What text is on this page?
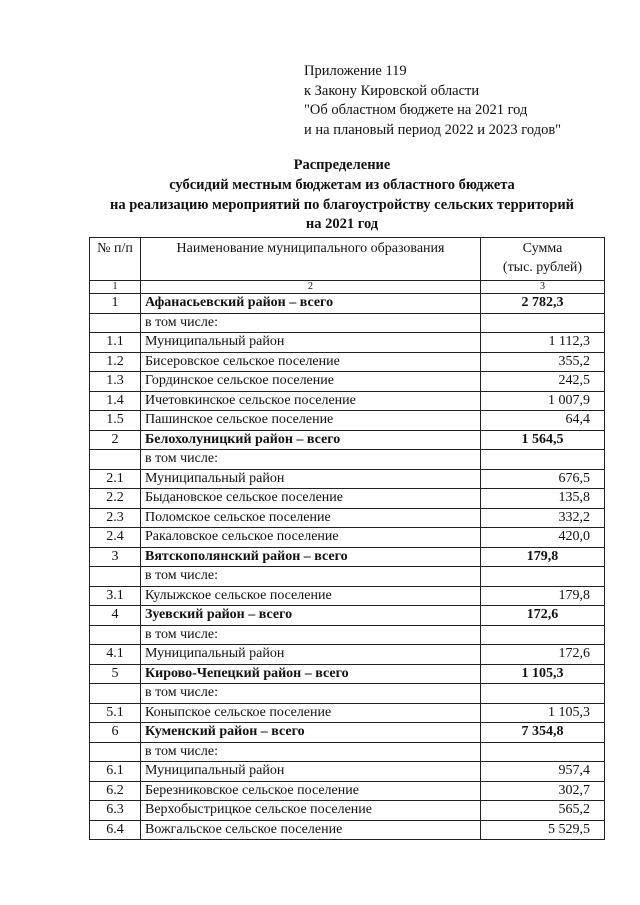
Приложение 119
к Закону Кировской области
"Об областном бюджете на 2021 год
и на плановый период 2022 и 2023 годов"
Распределение
субсидий местным бюджетам из областного бюджета
на реализацию мероприятий по благоустройству сельских территорий
на 2021 год
№ п/п	Наименование муниципального образования	Сумма
(тыс. рублей)

1	2	3
1	Афанасьевский район – всего	2 782,3
	в том числе:	
1.1	Муниципальный район	1 112,3
1.2	Бисеровское сельское поселение	355,2
1.3	Гординское сельское поселение	242,5
1.4	Ичетовкинское сельское поселение	1 007,9
1.5	Пашинское сельское поселение	64,4
2	Белохолуницкий район – всего	1 564,5
	в том числе:	
2.1	Муниципальный район	676,5
2.2	Быдановское сельское поселение	135,8
2.3	Поломское сельское поселение	332,2
2.4	Ракаловское сельское поселение	420,0
3	Вятскополянский район – всего	179,8
	в том числе:	
3.1	Кулыжское сельское поселение	179,8
4	Зуевский район – всего	172,6
	в том числе:	
4.1	Муниципальный район	172,6
5	Кирово-Чепецкий район – всего	1 105,3
	в том числе:	
5.1	Коныпское сельское поселение	1 105,3
6	Куменский район – всего	7 354,8
	в том числе:	
6.1	Муниципальный район	957,4
6.2	Березниковское сельское поселение	302,7
6.3	Верхобыстрицкое сельское поселение	565,2
6.4	Вожгальское сельское поселение	5 529,5
